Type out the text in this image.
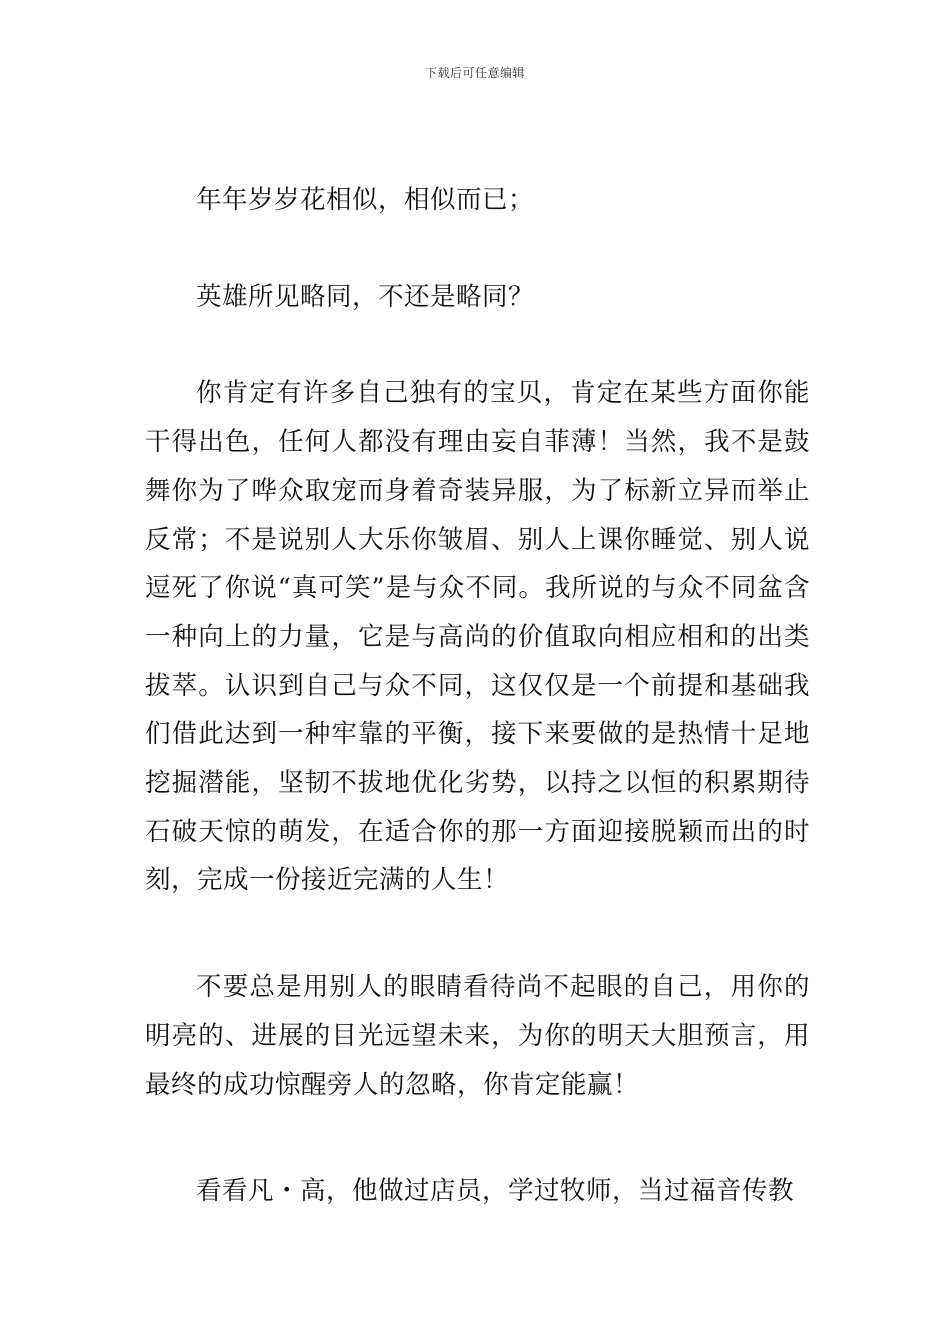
下载后可任意编辑

年年岁岁花相似，相似而已；

英雄所见略同，不还是略同？

你肯定有许多自己独有的宝贝，肯定在某些方面你能干得出色，任何人都没有理由妄自菲薄！当然，我不是鼓舞你为了哗众取宠而身着奇装异服，为了标新立异而举止反常；不是说别人大乐你皱眉、别人上课你睡觉、别人说逗死了你说“真可笑”是与众不同。我所说的与众不同盆含一种向上的力量，它是与高尚的价值取向相应相和的出类拔萃。认识到自己与众不同，这仅仅是一个前提和基础我们借此达到一种牢靠的平衡，接下来要做的是热情十足地挖掘潜能，坚韧不拔地优化劣势，以持之以恒的积累期待石破天惊的萌发，在适合你的那一方面迎接脱颖而出的时刻，完成一份接近完满的人生！

不要总是用别人的眼睛看待尚不起眼的自己，用你的明亮的、进展的目光远望未来，为你的明天大胆预言，用最终的成功惊醒旁人的忽略，你肯定能赢！

看看凡・高，他做过店员，学过牧师，当过福音传教
